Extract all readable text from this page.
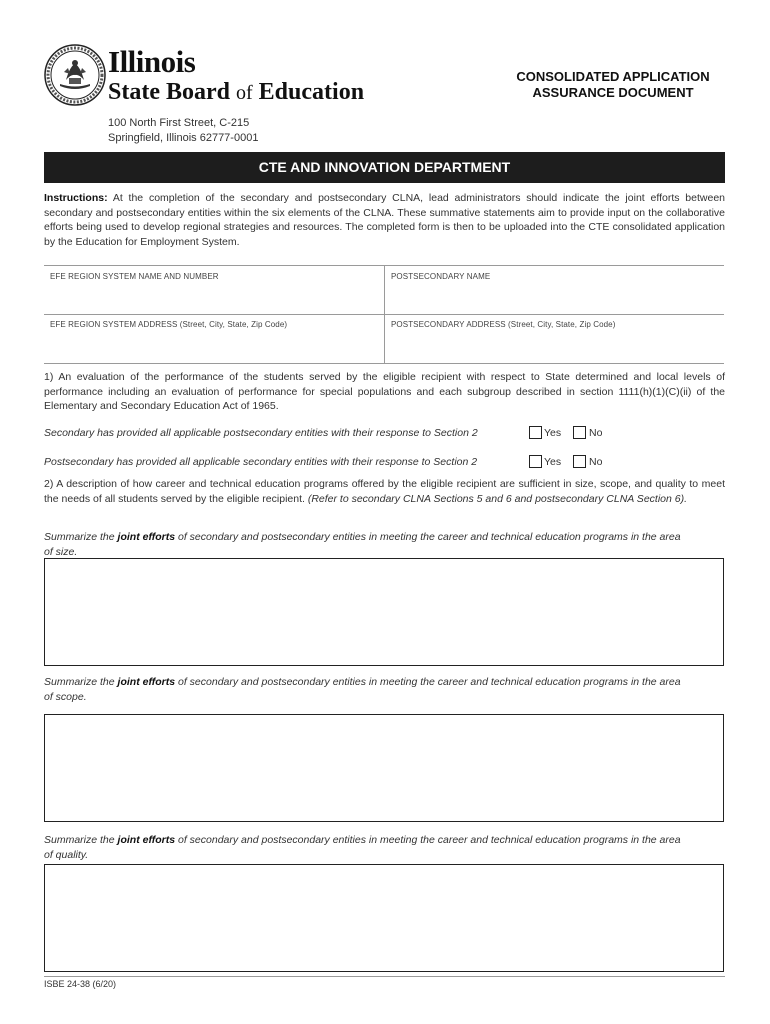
Illinois
State Board of Education
CONSOLIDATED APPLICATION
ASSURANCE DOCUMENT
100 North First Street, C-215
Springfield, Illinois 62777-0001
CTE AND INNOVATION DEPARTMENT
Instructions: At the completion of the secondary and postsecondary CLNA, lead administrators should indicate the joint efforts between secondary and postsecondary entities within the six elements of the CLNA. These summative statements aim to provide input on the collaborative efforts being used to develop regional strategies and resources. The completed form is then to be uploaded into the CTE consolidated application by the Education for Employment System.
EFE REGION SYSTEM NAME AND NUMBER	POSTSECONDARY NAME
EFE REGION SYSTEM ADDRESS (Street, City, State, Zip Code)	POSTSECONDARY ADDRESS (Street, City, State, Zip Code)
1) An evaluation of the performance of the students served by the eligible recipient with respect to State determined and local levels of performance including an evaluation of performance for special populations and each subgroup described in section 1111(h)(1)(C)(ii) of the Elementary and Secondary Education Act of 1965.
Secondary has provided all applicable postsecondary entities with their response to Section 2	Yes	No
Postsecondary has provided all applicable secondary entities with their response to Section 2	Yes	No
2) A description of how career and technical education programs offered by the eligible recipient are sufficient in size, scope, and quality to meet the needs of all students served by the eligible recipient. (Refer to secondary CLNA Sections 5 and 6 and postsecondary CLNA Section 6).
Summarize the joint efforts of secondary and postsecondary entities in meeting the career and technical education programs in the area
of size.
Summarize the joint efforts of secondary and postsecondary entities in meeting the career and technical education programs in the area
of scope.
Summarize the joint efforts of secondary and postsecondary entities in meeting the career and technical education programs in the area
of quality.
ISBE 24-38 (6/20)
